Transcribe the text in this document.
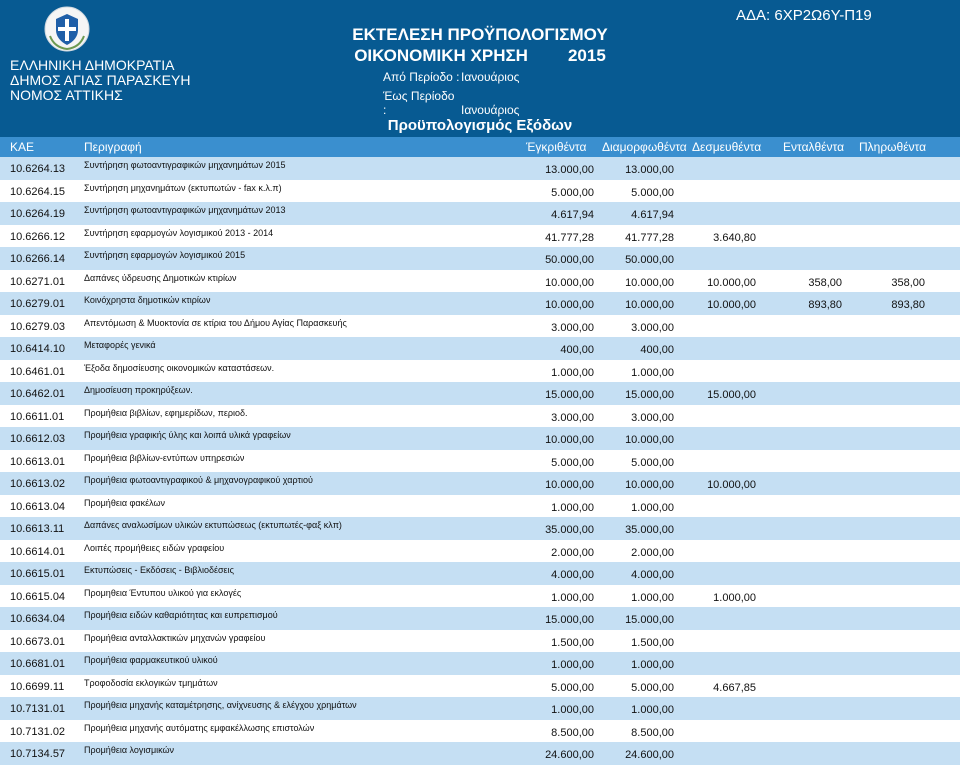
ΕΛΛΗΝΙΚΗ ΔΗΜΟΚΡΑΤΙΑ
ΔΗΜΟΣ ΑΓΙΑΣ ΠΑΡΑΣΚΕΥΗ
ΝΟΜΟΣ ΑΤΤΙΚΗΣ
ΕΚΤΕΛΕΣΗ ΠΡΟΫΠΟΛΟΓΙΣΜΟΥ
ΟΙΚΟΝΟΜΙΚΗ ΧΡΗΣΗ 2015
Από Περίοδο : Ιανουάριος
Έως Περίοδο :	Ιανουάριος
ΑΔΑ: 6ΧΡ2Ω6Υ-Π19
Προϋπολογισμός Εξόδων
ΚΑΕ	Περιγραφή	Έγκριθέντα Διαμορφωθέντα Δεσμευθέντα Ενταλθέντα Πληρωθέντα
10.6264.13 Συντήρηση φωτοαντιγραφικών μηχανημάτων 2015	13.000,00	13.000,00
10.6264.15 Συντήρηση μηχανημάτων (εκτυπωτών - fax κ.λ.π)	5.000,00	5.000,00
10.6264.19 Συντήρηση φωτοαντιγραφικών μηχανημάτων 2013	4.617,94	4.617,94
10.6266.12 Συντήρηση εφαρμογών λογισμικού 2013 - 2014	41.777,28	41.777,28	3.640,80
10.6266.14 Συντήρηση εφαρμογών λογισμικού 2015	50.000,00	50.000,00
10.6271.01 Δαπάνες ύδρευσης Δημοτικών κτιρίων	10.000,00	10.000,00	10.000,00	358,00	358,00
10.6279.01 Κοινόχρηστα δημοτικών κτιρίων	10.000,00	10.000,00	10.000,00	893,80	893,80
10.6279.03 Απεντόμωση & Μυοκτονία σε κτίρια του Δήμου Αγίας Παρασκευής	3.000,00	3.000,00
10.6414.10 Μεταφορές γενικά	400,00	400,00
10.6461.01 Έξοδα δημοσίευσης οικονομικών καταστάσεων.	1.000,00	1.000,00
10.6462.01 Δημοσίευση προκηρύξεων.	15.000,00	15.000,00	15.000,00
10.6611.01 Προμήθεια βιβλίων, εφημερίδων, περιοδ.	3.000,00	3.000,00
10.6612.03 Προμήθεια γραφικής ύλης και λοιπά υλικά γραφείων	10.000,00	10.000,00
10.6613.01 Προμήθεια βιβλίων-εντύπων υπηρεσιών	5.000,00	5.000,00
10.6613.02 Προμήθεια φωτοαντιγραφικού & μηχανογραφικού χαρτιού	10.000,00	10.000,00	10.000,00
10.6613.04 Προμήθεια φακέλων	1.000,00	1.000,00
10.6613.11 Δαπάνες αναλωσίμων υλικών εκτυπώσεως (εκτυπωτές-φαξ κλπ)	35.000,00	35.000,00
10.6614.01 Λοιπές προμήθειες ειδών γραφείου	2.000,00	2.000,00
10.6615.01 Εκτυπώσεις - Εκδόσεις - Βιβλιοδέσεις	4.000,00	4.000,00
10.6615.04 Προμηθεια Έντυπου υλικού για εκλογές	1.000,00	1.000,00	1.000,00
10.6634.04 Προμήθεια ειδών καθαριότητας και ευπρεπισμού	15.000,00	15.000,00
10.6673.01 Προμήθεια ανταλλακτικών μηχανών γραφείου	1.500,00	1.500,00
10.6681.01 Προμήθεια φαρμακευτικού υλικού	1.000,00	1.000,00
10.6699.11 Τροφοδοσία εκλογικών τμημάτων	5.000,00	5.000,00	4.667,85
10.7131.01 Προμήθεια μηχανής καταμέτρησης, ανίχνευσης & ελέγχου χρημάτων	1.000,00	1.000,00
10.7131.02 Προμήθεια μηχανής αυτόματης εμφακέλλωσης επιστολών	8.500,00	8.500,00
10.7134.57 Προμήθεια λογισμικών	24.600,00	24.600,00
